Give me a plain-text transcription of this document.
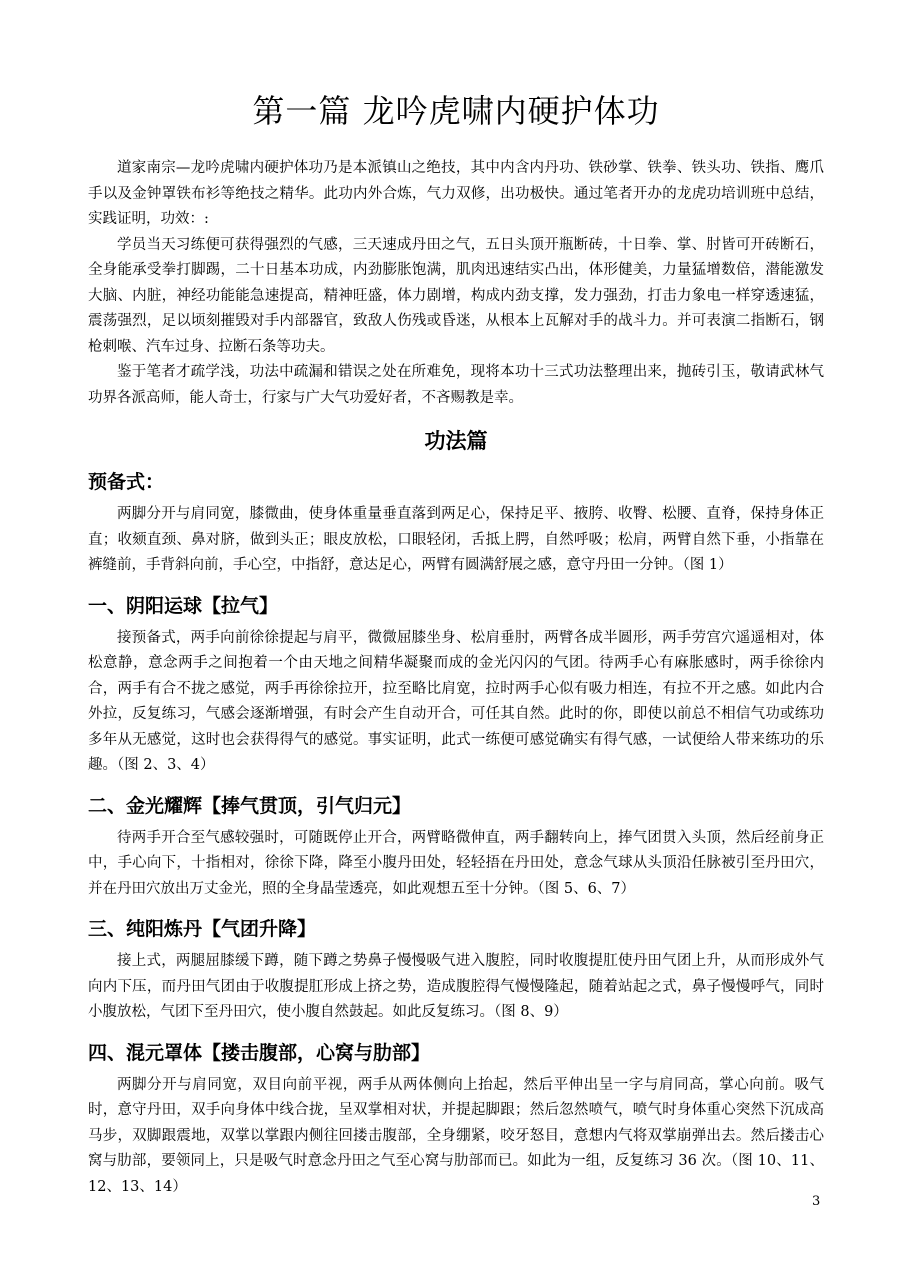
第一篇 龙吟虎啸内硬护体功

道家南宗—龙吟虎啸内硬护体功乃是本派镇山之绝技，其中内含内丹功、铁砂掌、铁拳、铁头功、铁指、鹰爪手以及金钟罩铁布衫等绝技之精华。此功内外合炼，气力双修，出功极快。通过笔者开办的龙虎功培训班中总结，实践证明，功效：:

学员当天习练便可获得强烈的气感，三天速成丹田之气，五日头顶开瓶断砖，十日拳、掌、肘皆可开砖断石，全身能承受拳打脚踢，二十日基本功成，内劲膨胀饱满，肌肉迅速结实凸出，体形健美，力量猛增数倍，潜能激发大脑、内脏，神经功能能急速提高，精神旺盛，体力剧增，构成内劲支撑，发力强劲，打击力象电一样穿透速猛，震荡强烈，足以顷刻摧毁对手内部器官，致敌人伤残或昏迷，从根本上瓦解对手的战斗力。并可表演二指断石，钢枪刺喉、汽车过身、拉断石条等功夫。

鉴于笔者才疏学浅，功法中疏漏和错误之处在所难免，现将本功十三式功法整理出来，抛砖引玉，敬请武林气功界各派高师，能人奇士，行家与广大气功爱好者，不吝赐教是幸。

功法篇
预备式：

两脚分开与肩同宽，膝微曲，使身体重量垂直落到两足心，保持足平、掖胯、收臀、松腰、直脊，保持身体正直；收颏直颈、鼻对脐，做到头正；眼皮放松，口眼轻闭，舌抵上腭，自然呼吸；松肩，两臂自然下垂，小指靠在裤缝前，手背斜向前，手心空，中指舒，意达足心，两臂有圆满舒展之感，意守丹田一分钟。（图 1）

一、阴阳运球【拉气】

接预备式，两手向前徐徐提起与肩平，微微屈膝坐身、松肩垂肘，两臂各成半圆形，两手劳宫穴遥遥相对，体松意静，意念两手之间抱着一个由天地之间精华凝聚而成的金光闪闪的气团。待两手心有麻胀感时，两手徐徐内合，两手有合不拢之感觉，两手再徐徐拉开，拉至略比肩宽，拉时两手心似有吸力相连，有拉不开之感。如此内合外拉，反复练习，气感会逐渐增强，有时会产生自动开合，可任其自然。此时的你，即使以前总不相信气功或练功多年从无感觉，这时也会获得得气的感觉。事实证明，此式一练便可感觉确实有得气感，一试便给人带来练功的乐趣。（图 2、3、4）

二、金光耀辉【捧气贯顶，引气归元】

待两手开合至气感较强时，可随既停止开合，两臂略微伸直，两手翻转向上，捧气团贯入头顶，然后经前身正中，手心向下，十指相对，徐徐下降，降至小腹丹田处，轻轻捂在丹田处，意念气球从头顶沿任脉被引至丹田穴，并在丹田穴放出万丈金光，照的全身晶莹透亮，如此观想五至十分钟。（图 5、6、7）

三、纯阳炼丹【气团升降】

接上式，两腿屈膝缓下蹲，随下蹲之势鼻子慢慢吸气进入腹腔，同时收腹提肛使丹田气团上升，从而形成外气向内下压，而丹田气团由于收腹提肛形成上挤之势，造成腹腔得气慢慢隆起，随着站起之式，鼻子慢慢呼气，同时小腹放松，气团下至丹田穴，使小腹自然鼓起。如此反复练习。（图 8、9）

四、混元罩体【搂击腹部，心窝与肋部】

两脚分开与肩同宽，双目向前平视，两手从两体侧向上抬起，然后平伸出呈一字与肩同高，掌心向前。吸气时，意守丹田，双手向身体中线合拢，呈双掌相对状，并提起脚跟；然后忽然喷气，喷气时身体重心突然下沉成高马步，双脚跟震地，双掌以掌跟内侧往回搂击腹部，全身绷紧，咬牙怒目，意想内气将双掌崩弹出去。然后搂击心窝与肋部，要领同上，只是吸气时意念丹田之气至心窝与肋部而已。如此为一组，反复练习 36 次。（图 10、11、12、13、14）

3
